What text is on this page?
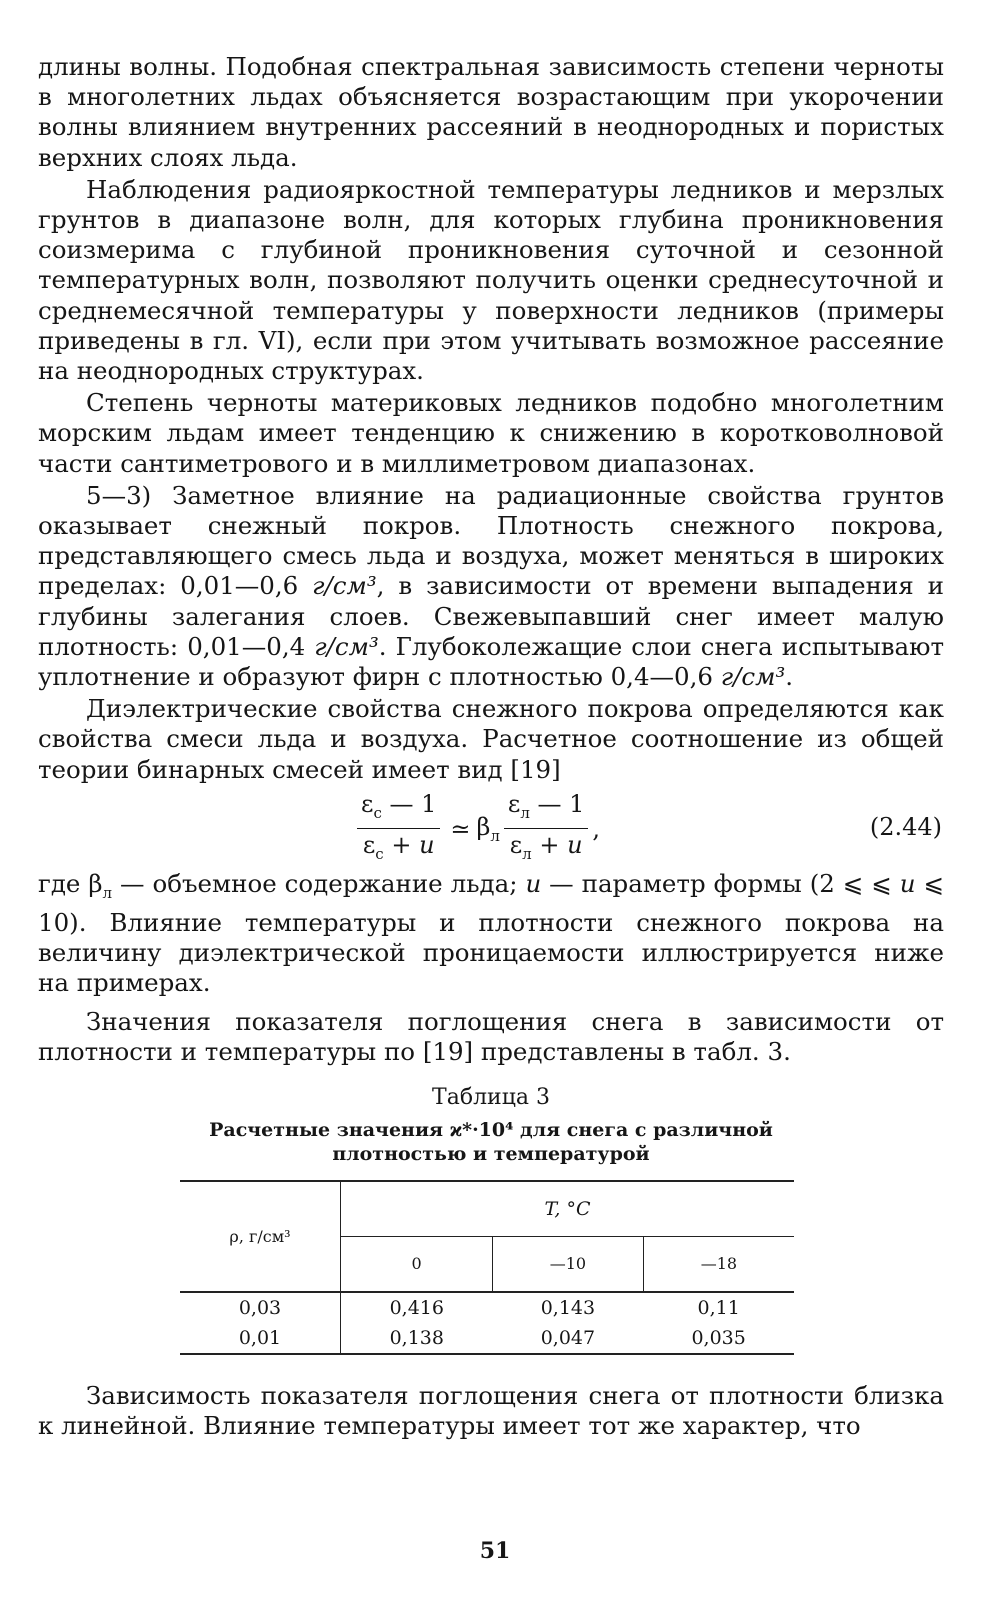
длины волны. Подобная спектральная зависимость степени черноты в многолетних льдах объясняется возрастающим при укорочении волны влиянием внутренних рассеяний в неоднородных и пористых верхних слоях льда.

Наблюдения радиояркостной температуры ледников и мерзлых грунтов в диапазоне волн, для которых глубина проникновения соизмерима с глубиной проникновения суточной и сезонной температурных волн, позволяют получить оценки среднесуточной и среднемесячной температуры у поверхности ледников (примеры приведены в гл. VI), если при этом учитывать возможное рассеяние на неоднородных структурах.

Степень черноты материковых ледников подобно многолетним морским льдам имеет тенденцию к снижению в коротковолновой части сантиметрового и в миллиметровом диапазонах.

5—3) Заметное влияние на радиационные свойства грунтов оказывает снежный покров. Плотность снежного покрова, представляющего смесь льда и воздуха, может меняться в широких пределах: 0,01—0,6 г/см³, в зависимости от времени выпадения и глубины залегания слоев. Свежевыпавший снег имеет малую плотность: 0,01—0,4 г/см³. Глубоколежащие слои снега испытывают уплотнение и образуют фирн с плотностью 0,4—0,6 г/см³.

Диэлектрические свойства снежного покрова определяются как свойства смеси льда и воздуха. Расчетное соотношение из общей теории бинарных смесей имеет вид [19]

$\frac{\varepsilon_с — 1}{\varepsilon_с + u}$ ≃ $\beta_л \frac{\varepsilon_л — 1}{\varepsilon_л + u}$ ,	(2.44)

где $\beta_л$ — объемное содержание льда; u — параметр формы (2 ⩽ ⩽ u ⩽ 10). Влияние температуры и плотности снежного покрова на величину диэлектрической проницаемости иллюстрируется ниже на примерах.

Значения показателя поглощения снега в зависимости от плотности и температуры по [19] представлены в табл. 3.

Таблица 3
Расчетные значения ϰ*·10⁴ для снега с различной плотностью и температурой
ρ, г/см³	T, °C		
	0	—10	—18
0,03	0,416	0,143	0,11
0,01	0,138	0,047	0,035

Зависимость показателя поглощения снега от плотности близка к линейной. Влияние температуры имеет тот же характер, что

51
